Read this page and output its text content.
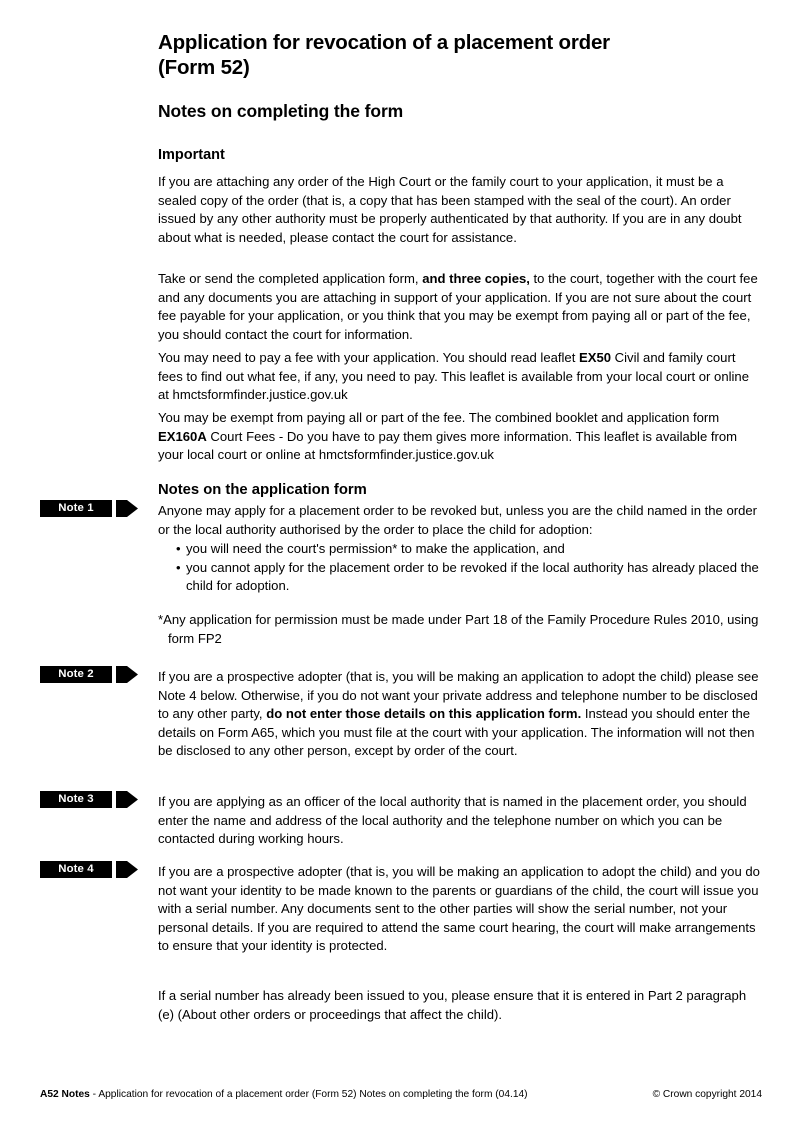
Application for revocation of a placement order
(Form 52)
Notes on completing the form
Important

If you are attaching any order of the High Court or the family court to your application, it must be a sealed copy of the order (that is, a copy that has been stamped with the seal of the court). An order issued by any other authority must be properly authenticated by that authority. If you are in any doubt about what is needed, please contact the court for assistance.

Take or send the completed application form, and three copies, to the court, together with the court fee and any documents you are attaching in support of your application. If you are not sure about the court fee payable for your application, or you think that you may be exempt from paying all or part of the fee, you should contact the court for information.

You may need to pay a fee with your application. You should read leaflet EX50 Civil and family court fees to find out what fee, if any, you need to pay. This leaflet is available from your local court or online at hmctsformfinder.justice.gov.uk

You may be exempt from paying all or part of the fee. The combined booklet and application form EX160A Court Fees - Do you have to pay them gives more information. This leaflet is available from your local court or online at hmctsformfinder.justice.gov.uk

Notes on the application form
Note 1	Anyone may apply for a placement order to be revoked but, unless you are the child named in the order or the local authority authorised by the order to place the child for adoption:

• you will need the court's permission* to make the application, and
• you cannot apply for the placement order to be revoked if the local authority has already placed the child for adoption.

*Any application for permission must be made under Part 18 of the Family Procedure Rules 2010, using form FP2

Note 2	If you are a prospective adopter (that is, you will be making an application to adopt the child) please see Note 4 below. Otherwise, if you do not want your private address and telephone number to be disclosed to any other party, do not enter those details on this application form. Instead you should enter the details on Form A65, which you must file at the court with your application. The information will not then be disclosed to any other person, except by order of the court.

Note 3	If you are applying as an officer of the local authority that is named in the placement order, you should enter the name and address of the local authority and the telephone number on which you can be contacted during working hours.

Note 4	If you are a prospective adopter (that is, you will be making an application to adopt the child) and you do not want your identity to be made known to the parents or guardians of the child, the court will issue you with a serial number. Any documents sent to the other parties will show the serial number, not your personal details. If you are required to attend the same court hearing, the court will make arrangements to ensure that your identity is protected.

If a serial number has already been issued to you, please ensure that it is entered in Part 2 paragraph (e) (About other orders or proceedings that affect the child).

A52 Notes - Application for revocation of a placement order (Form 52) Notes on completing the form (04.14)	© Crown copyright 2014
